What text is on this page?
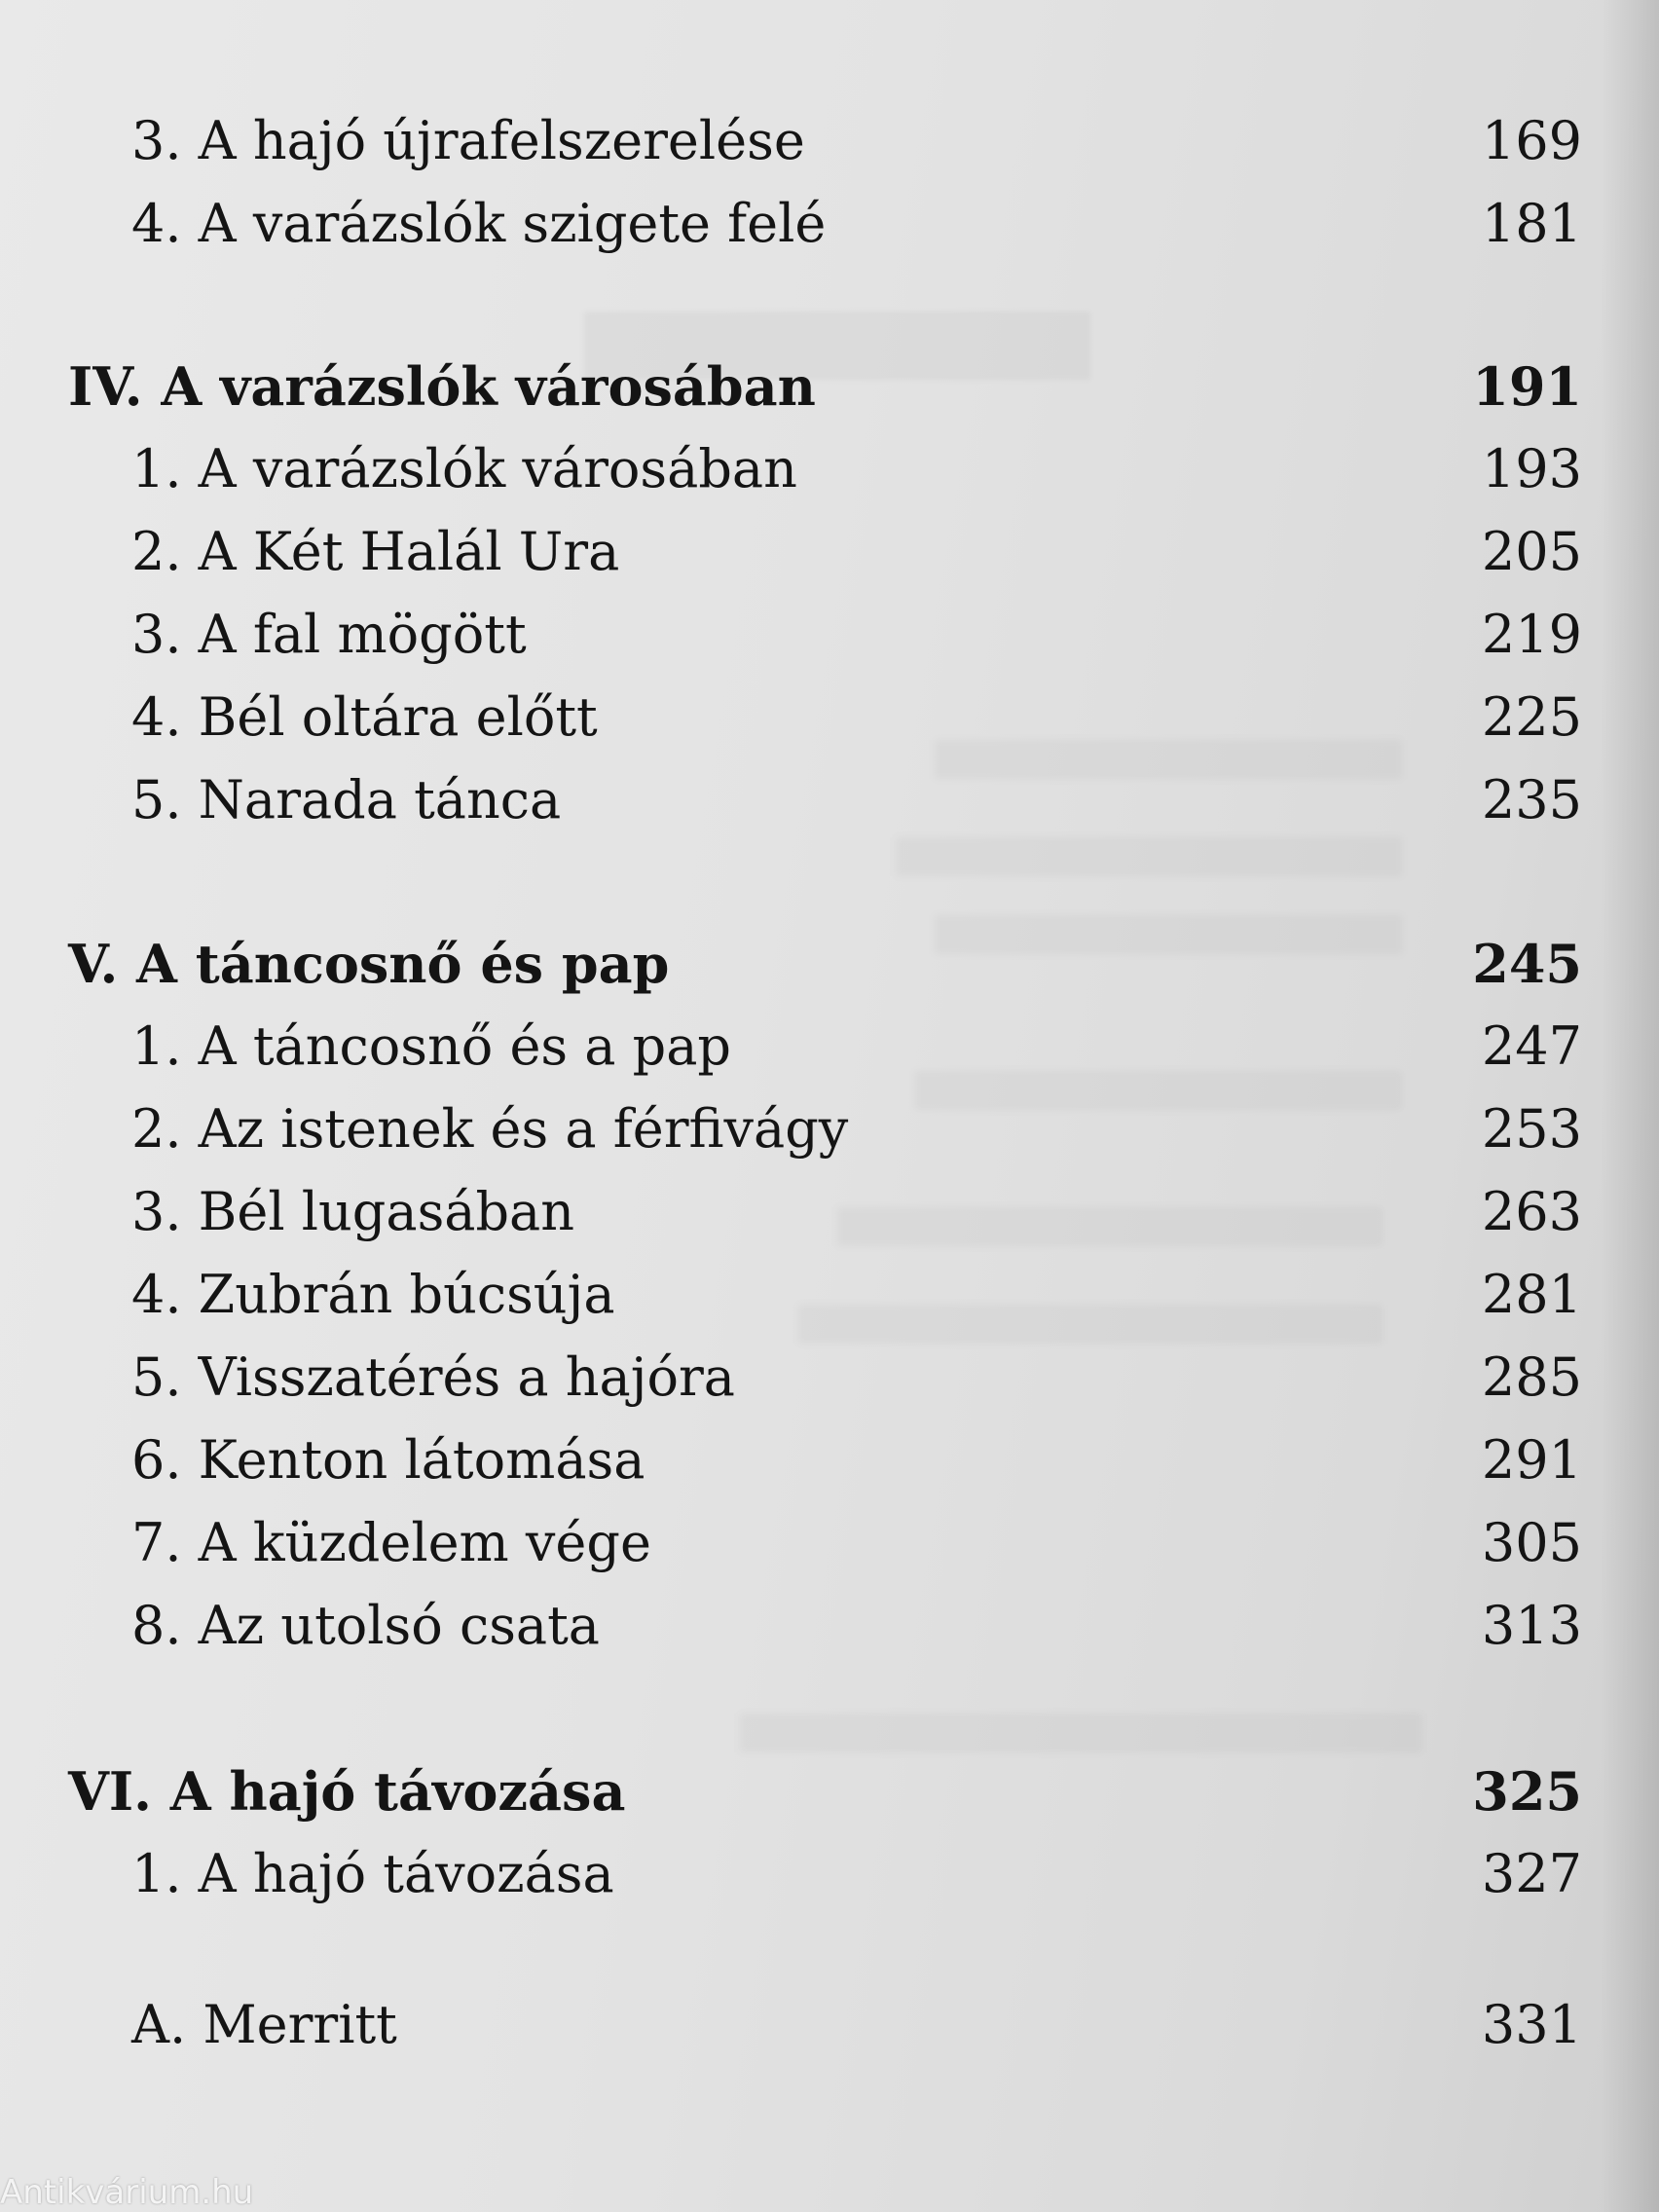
3. A hajó újrafelszerelése	169
4. A varázslók szigete felé	181
IV. A varázslók városában	191
1. A varázslók városában	193
2. A Két Halál Ura	205
3. A fal mögött	219
4. Bél oltára előtt	225
5. Narada tánca	235
V. A táncosnő és pap	245
1. A táncosnő és a pap	247
2. Az istenek és a férfivágy	253
3. Bél lugasában	263
4. Zubrán búcsúja	281
5. Visszatérés a hajóra	285
6. Kenton látomása	291
7. A küzdelem vége	305
8. Az utolsó csata	313
VI. A hajó távozása	325
1. A hajó távozása	327
A. Merritt	331
Antikvárium.hu
